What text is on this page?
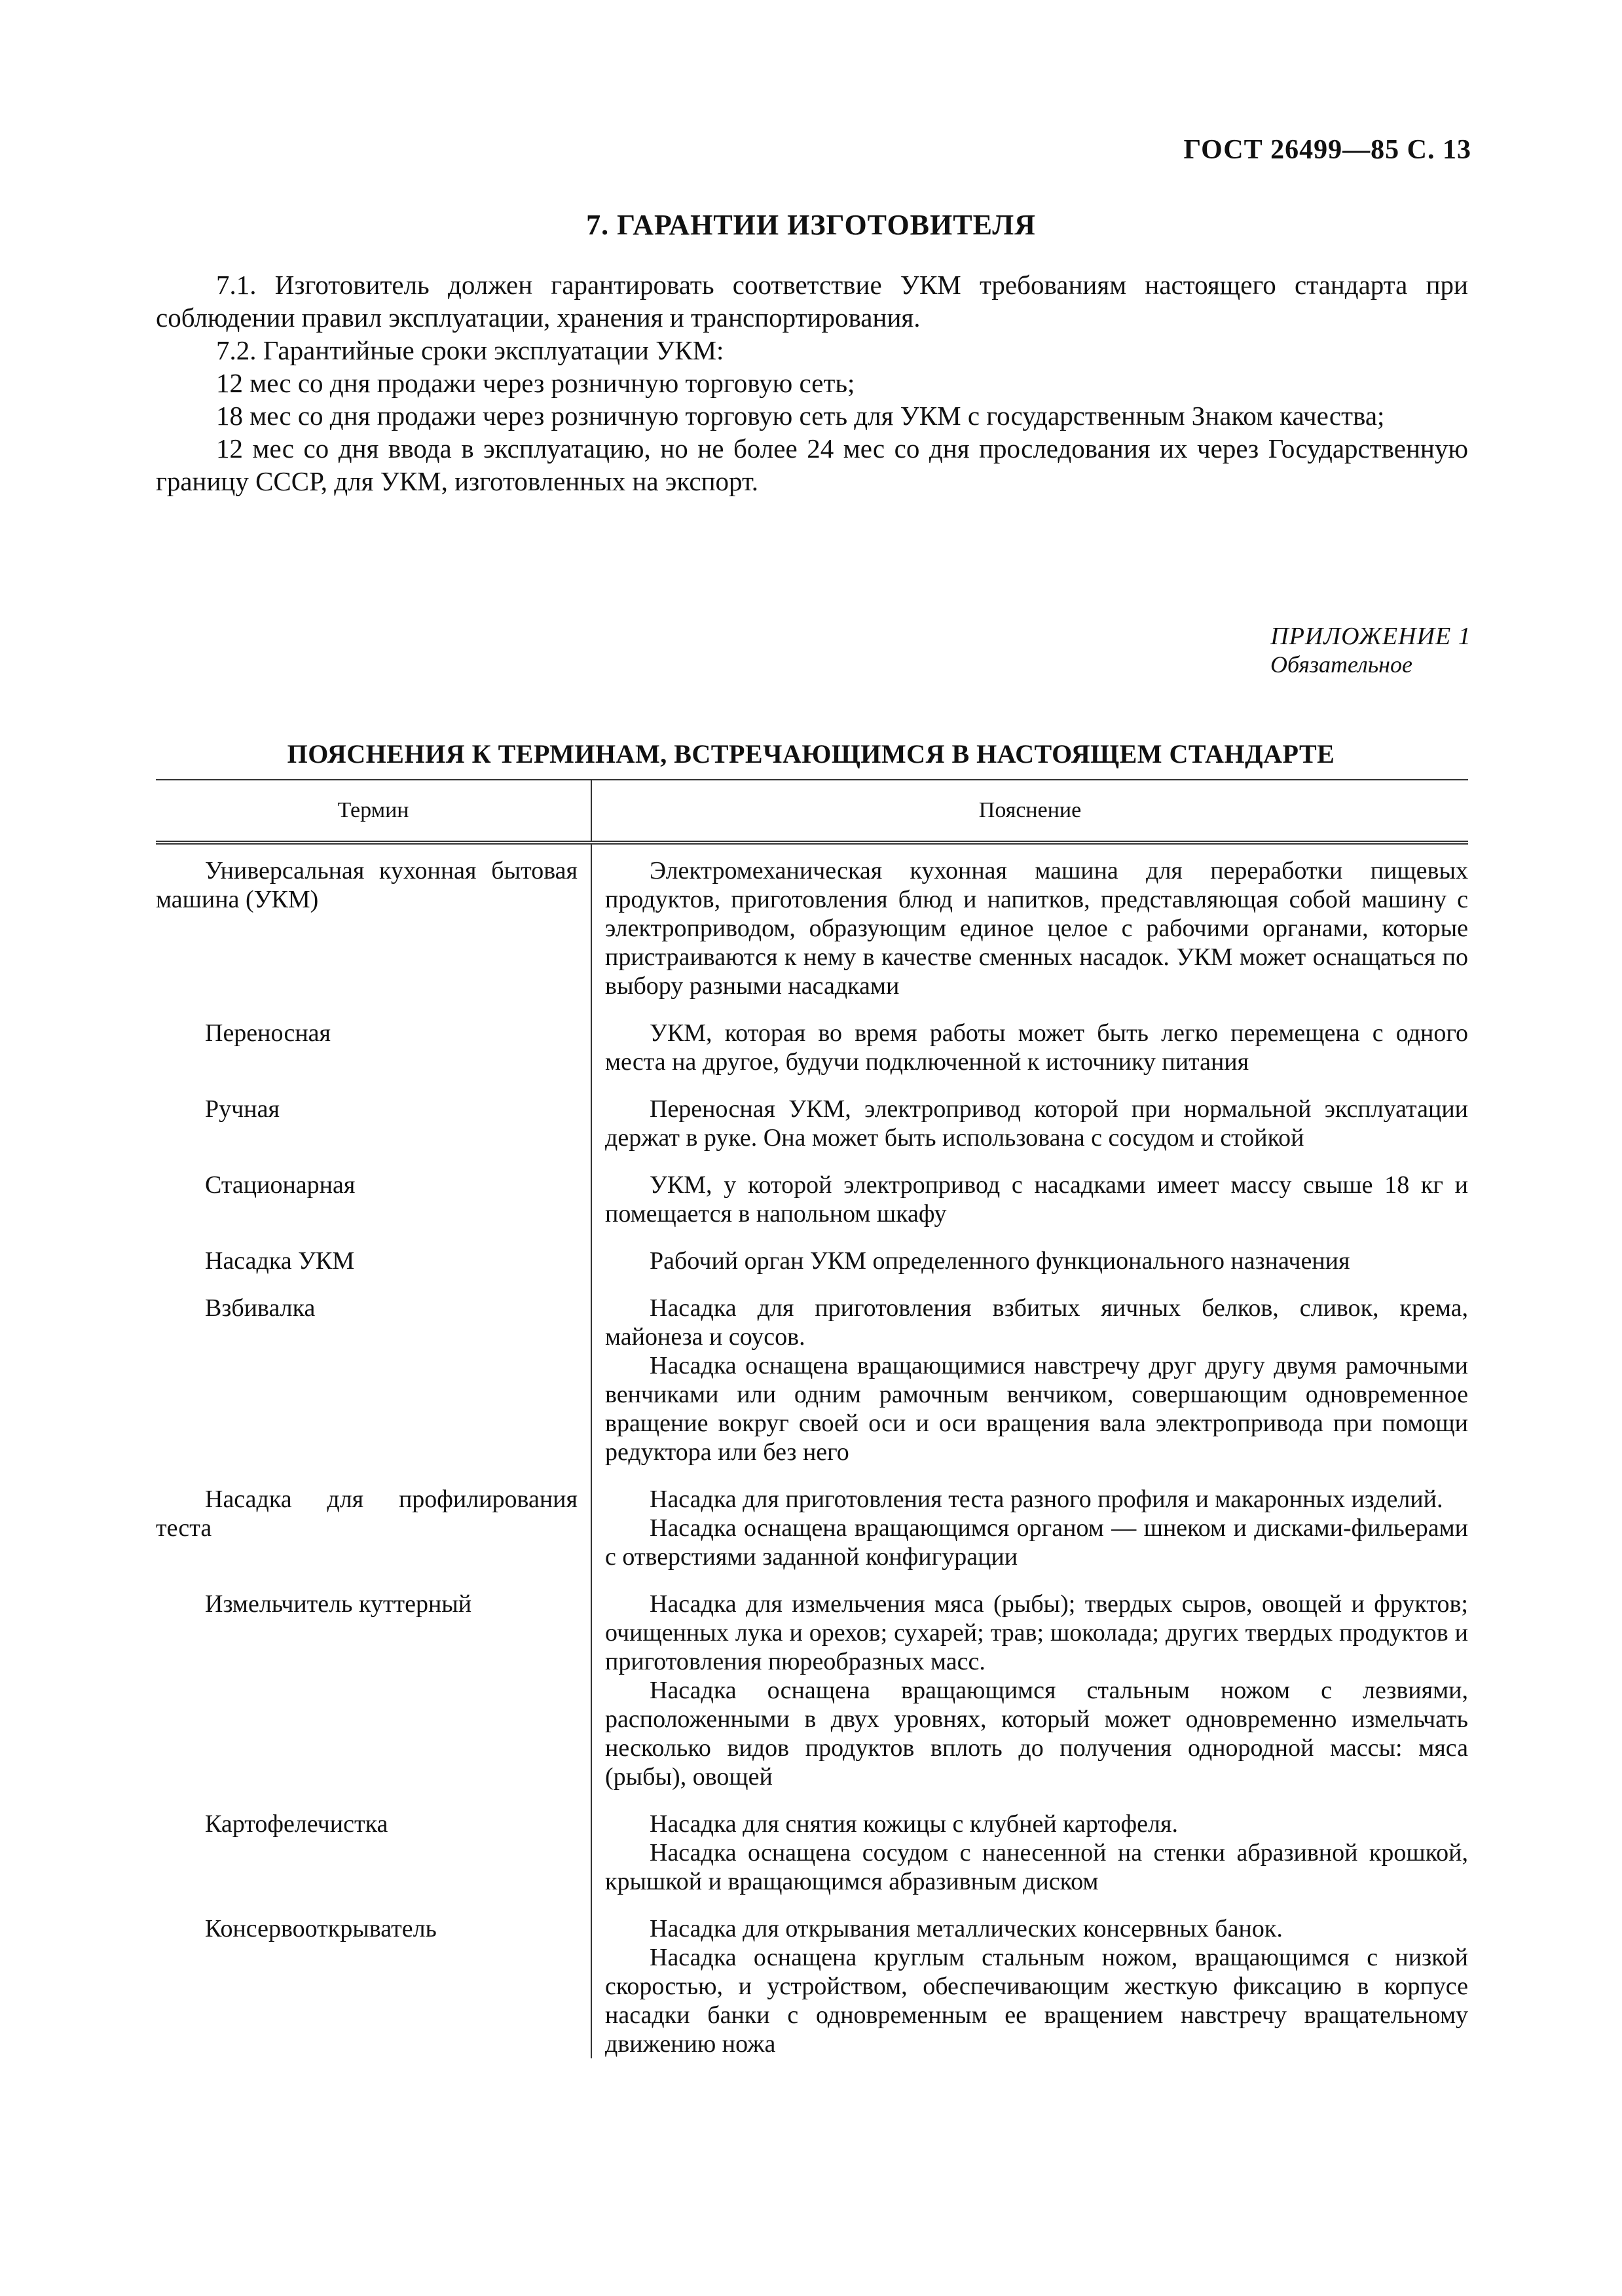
ГОСТ 26499—85 С. 13
7. ГАРАНТИИ ИЗГОТОВИТЕЛЯ

7.1. Изготовитель должен гарантировать соответствие УКМ требованиям настоящего стандарта при соблюдении правил эксплуатации, хранения и транспортирования.

7.2. Гарантийные сроки эксплуатации УКМ:

12 мес со дня продажи через розничную торговую сеть;

18 мес со дня продажи через розничную торговую сеть для УКМ с государственным Знаком качества;

12 мес со дня ввода в эксплуатацию, но не более 24 мес со дня проследования их через Государственную границу СССР, для УКМ, изготовленных на экспорт.

ПРИЛОЖЕНИЕ 1
Обязательное
ПОЯСНЕНИЯ К ТЕРМИНАМ, ВСТРЕЧАЮЩИМСЯ В НАСТОЯЩЕМ СТАНДАРТЕ
Термин	Пояснение

Универсальная кухонная бытовая машина (УКМ)	Электромеханическая кухонная машина для переработки пищевых продуктов, приготовления блюд и напитков, представляющая собой машину с электроприводом, образующим единое целое с рабочими органами, которые пристраиваются к нему в качестве сменных насадок. УКМ может оснащаться по выбору разными насадками

Переносная	УКМ, которая во время работы может быть легко перемещена с одного места на другое, будучи подключенной к источнику питания

Ручная	Переносная УКМ, электропривод которой при нормальной эксплуатации держат в руке. Она может быть использована с сосудом и стойкой

Стационарная	УКМ, у которой электропривод с насадками имеет массу свыше 18 кг и помещается в напольном шкафу

Насадка УКМ	Рабочий орган УКМ определенного функционального назначения

Взбивалка	Насадка для приготовления взбитых яичных белков, сливок, крема, майонеза и соусов.
Насадка оснащена вращающимися навстречу друг другу двумя рамочными венчиками или одним рамочным венчиком, совершающим одновременное вращение вокруг своей оси и оси вращения вала электропривода при помощи редуктора или без него

Насадка для профилирования теста	Насадка для приготовления теста разного профиля и макаронных изделий.
Насадка оснащена вращающимся органом — шнеком и дисками-фильерами с отверстиями заданной конфигурации

Измельчитель куттерный	Насадка для измельчения мяса (рыбы); твердых сыров, овощей и фруктов; очищенных лука и орехов; сухарей; трав; шоколада; других твердых продуктов и приготовления пюреобразных масс.
Насадка оснащена вращающимся стальным ножом с лезвиями, расположенными в двух уровнях, который может одновременно измельчать несколько видов продуктов вплоть до получения однородной массы: мяса (рыбы), овощей

Картофелечистка	Насадка для снятия кожицы с клубней картофеля.
Насадка оснащена сосудом с нанесенной на стенки абразивной крошкой, крышкой и вращающимся абразивным диском

Консервооткрыватель	Насадка для открывания металлических консервных банок.
Насадка оснащена круглым стальным ножом, вращающимся с низкой скоростью, и устройством, обеспечивающим жесткую фиксацию в корпусе насадки банки с одновременным ее вращением навстречу вращательному движению ножа
